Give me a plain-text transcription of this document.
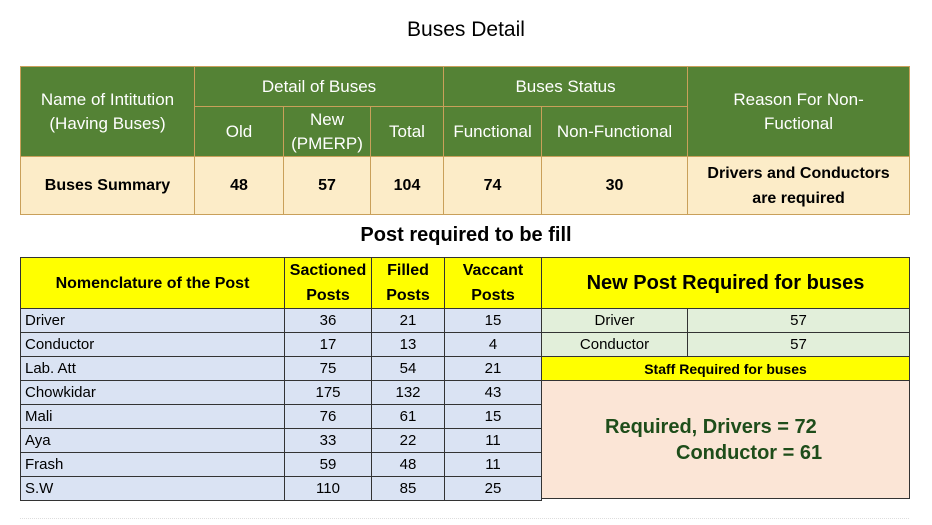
Buses Detail
Name of Intitution (Having Buses)	Detail of Buses			Buses Status		Reason For Non-Fuctional
	Old	New (PMERP)	Total	Functional	Non-Functional	
Buses Summary	48	57	104	74	30	Drivers and Conductors are required
Post required to be fill
Nomenclature of the Post	Sactioned Posts	Filled Posts	Vaccant Posts
Driver	36	21	15
Conductor	17	13	4
Lab. Att	75	54	21
Chowkidar	175	132	43
Mali	76	61	15
Aya	33	22	11
Frash	59	48	11
S.W	110	85	25
New Post Required for buses	
Driver	57
Conductor	57
Staff Required for buses	

Required, Drivers = 72
Conductor = 61	
